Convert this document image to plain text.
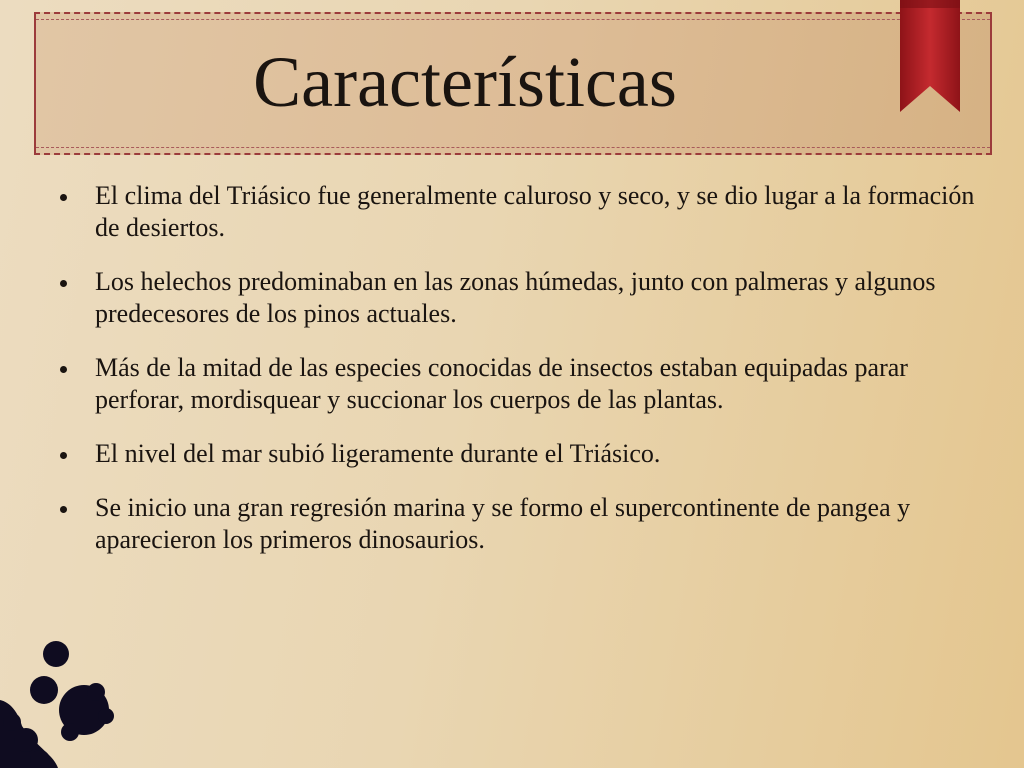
Características
El clima del Triásico fue generalmente caluroso y seco, y se dio lugar a la formación de desiertos.
Los helechos predominaban en las zonas húmedas, junto con palmeras y algunos predecesores de los pinos actuales.
Más de la mitad de las especies conocidas de insectos estaban equipadas parar perforar, mordisquear y succionar los cuerpos de las plantas.
El nivel del mar subió ligeramente durante el Triásico.
Se inicio una gran regresión marina y se formo el supercontinente de pangea y aparecieron los primeros dinosaurios.
